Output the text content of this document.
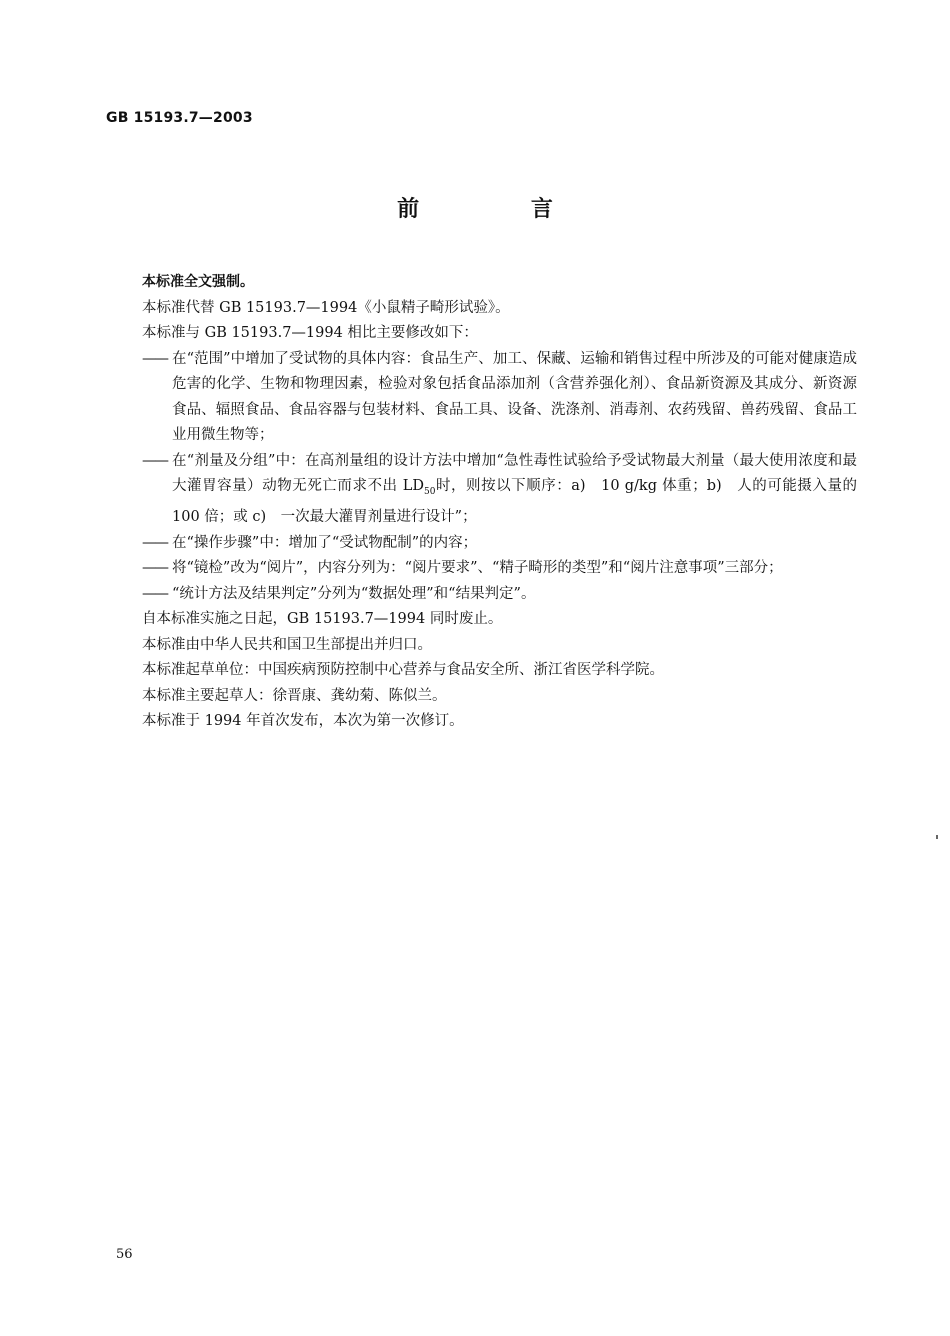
GB 15193.7—2003
前 言

本标准全文强制。

本标准代替 GB 15193.7—1994《小鼠精子畸形试验》。

本标准与 GB 15193.7—1994 相比主要修改如下：

—— 在“范围”中增加了受试物的具体内容：食品生产、加工、保藏、运输和销售过程中所涉及的可能对健康造成危害的化学、生物和物理因素，检验对象包括食品添加剂（含营养强化剂）、食品新资源及其成分、新资源食品、辐照食品、食品容器与包装材料、食品工具、设备、洗涤剂、消毒剂、农药残留、兽药残留、食品工业用微生物等；
—— 在“剂量及分组”中：在高剂量组的设计方法中增加“急性毒性试验给予受试物最大剂量（最大使用浓度和最大灌胃容量）动物无死亡而求不出 $LD_{50}$时，则按以下顺序：a)　10 g/kg 体重；b)　人的可能摄入量的 100 倍；或 c)　一次最大灌胃剂量进行设计”；
—— 在“操作步骤”中：增加了“受试物配制”的内容；
—— 将“镜检”改为“阅片”，内容分列为：“阅片要求”、“精子畸形的类型”和“阅片注意事项”三部分；
—— “统计方法及结果判定”分列为“数据处理”和“结果判定”。

自本标准实施之日起，GB 15193.7—1994 同时废止。

本标准由中华人民共和国卫生部提出并归口。

本标准起草单位：中国疾病预防控制中心营养与食品安全所、浙江省医学科学院。

本标准主要起草人：徐晋康、龚幼菊、陈似兰。

本标准于 1994 年首次发布，本次为第一次修订。

56
